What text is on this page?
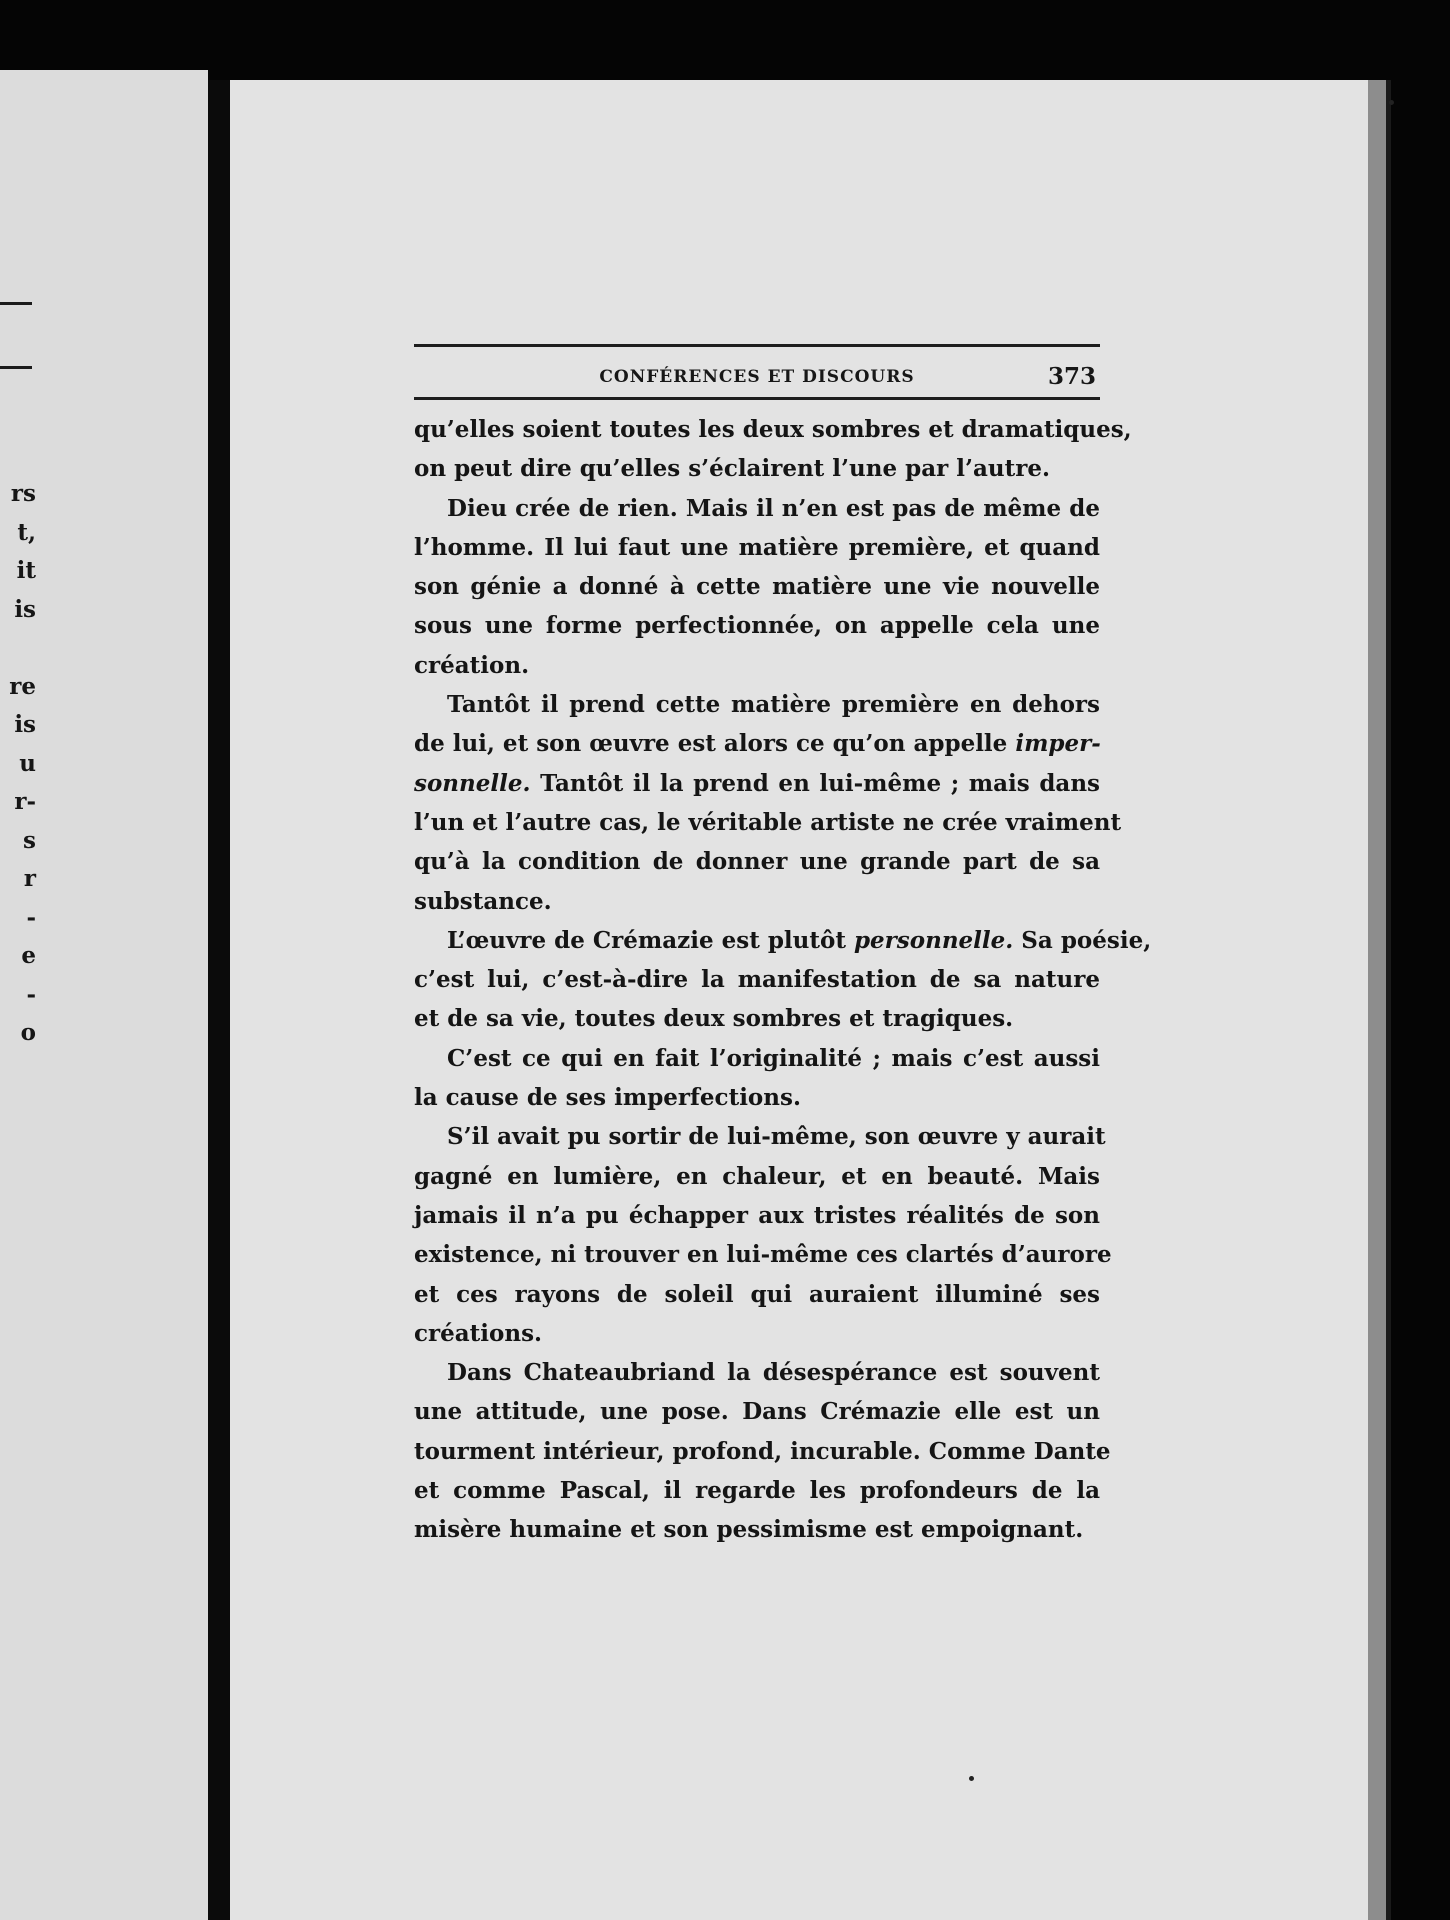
rs
t,
it
is
re
is
u
r-
s
r
-
e
-
o
CONFÉRENCES ET DISCOURS	373

qu’elles soient toutes les deux sombres et dramatiques,
on peut dire qu’elles s’éclairent l’une par l’autre.

Dieu crée de rien. Mais il n’en est pas de même de
l’homme. Il lui faut une matière première, et quand
son génie a donné à cette matière une vie nouvelle
sous une forme perfectionnée, on appelle cela une
création.

Tantôt il prend cette matière première en dehors
de lui, et son œuvre est alors ce qu’on appelle imper-
sonnelle. Tantôt il la prend en lui-même ; mais dans
l’un et l’autre cas, le véritable artiste ne crée vraiment
qu’à la condition de donner une grande part de sa
substance.

L’œuvre de Crémazie est plutôt personnelle. Sa poésie,
c’est lui, c’est-à-dire la manifestation de sa nature
et de sa vie, toutes deux sombres et tragiques.

C’est ce qui en fait l’originalité ; mais c’est aussi
la cause de ses imperfections.

S’il avait pu sortir de lui-même, son œuvre y aurait
gagné en lumière, en chaleur, et en beauté. Mais
jamais il n’a pu échapper aux tristes réalités de son
existence, ni trouver en lui-même ces clartés d’aurore
et ces rayons de soleil qui auraient illuminé ses
créations.

Dans Chateaubriand la désespérance est souvent
une attitude, une pose. Dans Crémazie elle est un
tourment intérieur, profond, incurable. Comme Dante
et comme Pascal, il regarde les profondeurs de la
misère humaine et son pessimisme est empoignant.
